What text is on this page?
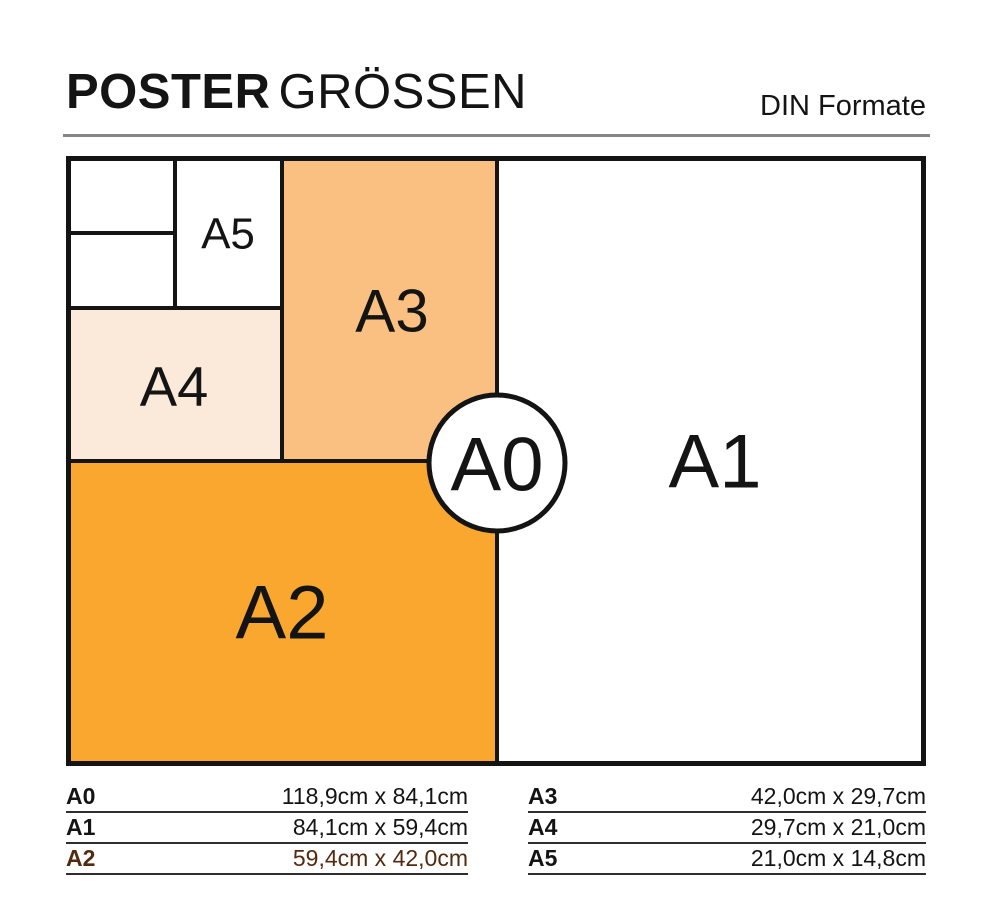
POSTER GRÖSSEN	DIN Formate
A5
A4
A3
A2
A1
A0
A0	118,9cm x 84,1cm
A1	84,1cm x 59,4cm
A2	59,4cm x 42,0cm
A3	42,0cm x 29,7cm
A4	29,7cm x 21,0cm
A5	21,0cm x 14,8cm
